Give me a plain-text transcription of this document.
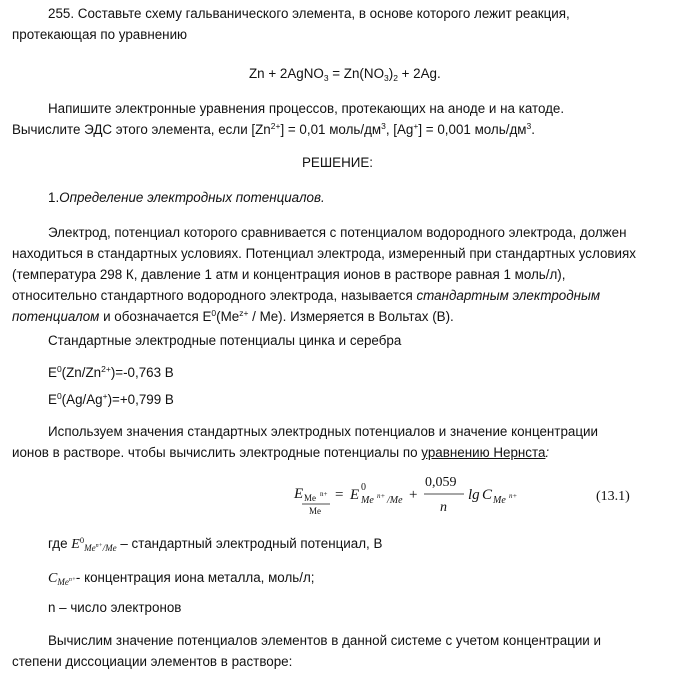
255. Составьте схему гальванического элемента, в основе которого лежит реакция,
протекающая по уравнению
Zn + 2AgNO$_3$ = $Zn(NO_3)_2 + 2Ag$.
Напишите электронные уравнения процессов, протекающих на аноде и на катоде.
Вычислите ЭДС этого элемента, если $[Zn^{2+}] = 0,01$ моль/$дм^3$, [Ag+] = 0,001 моль/$дм^3$.
РЕШЕНИЕ:
1.Определение электродных потенциалов.
Электрод, потенциал которого сравнивается с потенциалом водородного электрода, должен
находиться в стандартных условиях. Потенциал электрода, измеренный при стандартных условиях
(температура 298 К, давление 1 атм и концентрация ионов в растворе равная 1 моль/л),
относительно стандартного водородного электрода, называется стандартным электродным
потенциалом и обозначается $E^0(Me^{z+} / Me)$. Измеряется в Вольтах (В).
Стандартные электродные потенциалы цинка и серебра
$E^0(Zn/Zn^{2+})=-0,763$ В
$E^0(Ag/Ag^+)=+0,799$ В
Используем значения стандартных электродных потенциалов и значение концентрации
ионов в растворе. чтобы вычислить электродные потенциалы по уравнению Нернста:
E Me n+
Me
= E 0
Me n+ /Me +
0,059
n
lg C Me n+	(13.1)
где $E^0_{Me^{n+}/Me}$ – стандартный электродный потенциал, В
$C_{Me^{n+}}-$ концентрация иона металла, моль/л;
n – число электронов
Вычислим значение потенциалов элементов в данной системе с учетом концентрации и
степени диссоциации элементов в растворе:
